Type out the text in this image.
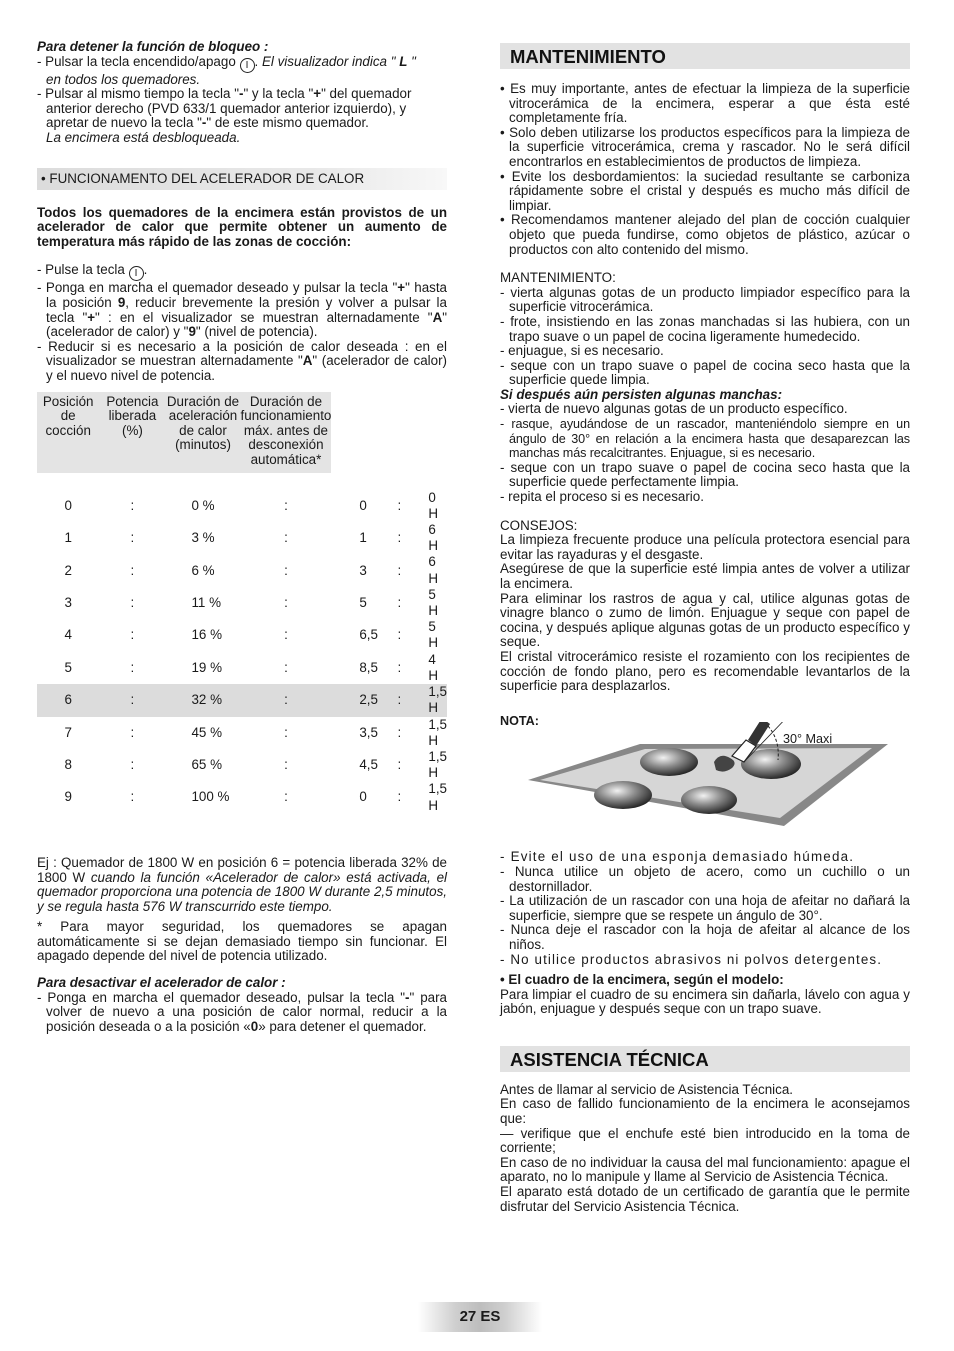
Para detener la función de bloqueo :

- Pulsar la tecla encendido/apago I . El visualizador indica " L "

en todos los quemadores.

- Pulsar al mismo tiempo la tecla "-" y la tecla "+" del quemador anterior derecho (PVD 633/1 quemador anterior izquierdo), y apretar de nuevo la tecla "-" de este mismo quemador.

La encimera está desbloqueada.

• FUNCIONAMENTO DEL ACELERADOR DE CALOR

Todos los quemadores de la encimera están provistos de un acelerador de calor que permite obtener un aumento de temperatura más rápido de las zonas de cocción:

- Pulse la tecla I .

- Ponga en marcha el quemador deseado y pulsar la tecla "+" hasta la posición 9, reducir brevemente la presión y volver a pulsar la tecla "+" : en el visualizador se muestran alternadamente "A" (acelerador de calor) y "9" (nivel de potencia).

- Reducir si es necesario a la posición de calor deseada : en el visualizador se muestran alternadamente "A" (acelerador de calor) y el nuevo nivel de potencia.

Posición de cocción	Potencia liberada (%)	Duración de aceleración de calor (minutos)	Duración de funcionamiento máx. antes de desconexión automática*			

0	:	0 %	:	0	:	0 H
1	:	3 %	:	1	:	6 H
2	:	6 %	:	3	:	6 H
3	:	11 %	:	5	:	5 H
4	:	16 %	:	6,5	:	5 H
5	:	19 %	:	8,5	:	4 H
6	:	32 %	:	2,5	:	1,5 H
7	:	45 %	:	3,5	:	1,5 H
8	:	65 %	:	4,5	:	1,5 H
9	:	100 %	:	0	:	1,5 H

Ej : Quemador de 1800 W en posición 6 = potencia liberada 32% de 1800 W cuando la función «Acelerador de calor» está activada, el quemador proporciona una potencia de 1800 W durante 2,5 minutos, y se regula hasta 576 W transcurrido este tiempo.

* Para mayor seguridad, los quemadores se apagan automáticamente si se dejan demasiado tiempo sin funcionar. El apagado depende del nivel de potencia utilizado.

Para desactivar el acelerador de calor :

- Ponga en marcha el quemador deseado, pulsar la tecla "-" para volver de nuevo a una posición de calor normal, reducir a la posición deseada o a la posición «0» para detener el quemador.

MANTENIMIENTO

• Es muy importante, antes de efectuar la limpieza de la superficie vitrocerámica de la encimera, esperar a que ésta esté completamente fría.

• Solo deben utilizarse los productos específicos para la limpieza de la superficie vitrocerámica, crema y rascador. No le será difícil encontrarlos en establecimientos de productos de limpieza.

• Evite los desbordamientos: la suciedad resultante se carboniza rápidamente sobre el cristal y después es mucho más difícil de limpiar.

• Recomendamos mantener alejado del plan de cocción cualquier objeto que pueda fundirse, como objetos de plástico, azúcar o productos con alto contenido del mismo.

MANTENIMIENTO:

- vierta algunas gotas de un producto limpiador específico para la superficie vitrocerámica.

- frote, insistiendo en las zonas manchadas si las hubiera, con un trapo suave o un papel de cocina ligeramente humedecido.

- enjuague, si es necesario.

- seque con un trapo suave o papel de cocina seco hasta que la superficie quede limpia.

Si después aún persisten algunas manchas:

- vierta de nuevo algunas gotas de un producto específico.

- rasque, ayudándose de un rascador, manteniéndolo siempre en un ángulo de 30° en relación a la encimera hasta que desaparezcan las manchas más recalcitrantes. Enjuague, si es necesario.

- seque con un trapo suave o papel de cocina seco hasta que la superficie quede perfectamente limpia.

- repita el proceso si es necesario.

CONSEJOS:

La limpieza frecuente produce una película protectora esencial para evitar las rayaduras y el desgaste.

Asegúrese de que la superficie esté limpia antes de volver a utilizar la encimera.

Para eliminar los rastros de agua y cal, utilice algunas gotas de vinagre blanco o zumo de limón. Enjuague y seque con papel de cocina, y después aplique algunas gotas de un producto específico y seque.

El cristal vitrocerámico resiste el rozamiento con los recipientes de cocción de fondo plano, pero es recomendable levantarlos de la superficie para desplazarlos.

NOTA:

30° Maxi

- Evite el uso de una esponja demasiado húmeda.

- Nunca utilice un objeto de acero, como un cuchillo o un destornillador.

- La utilización de un rascador con una hoja de afeitar no dañará la superficie, siempre que se respete un ángulo de 30°.

- Nunca deje el rascador con la hoja de afeitar al alcance de los niños.

- No utilice productos abrasivos ni polvos detergentes.

• El cuadro de la encimera, según el modelo:

Para limpiar el cuadro de su encimera sin dañarla, lávelo con agua y jabón, enjuague y después seque con un trapo suave.

ASISTENCIA TÉCNICA

Antes de llamar al servicio de Asistencia Técnica.

En caso de fallido funcionamiento de la encimera le aconsejamos que:

— verifique que el enchufe esté bien introducido en la toma de corriente;

En caso de no individuar la causa del mal funcionamiento: apague el aparato, no lo manipule y llame al Servicio de Asistencia Técnica.

El aparato está dotado de un certificado de garantía que le permite disfrutar del Servicio Asistencia Técnica.

27 ES
